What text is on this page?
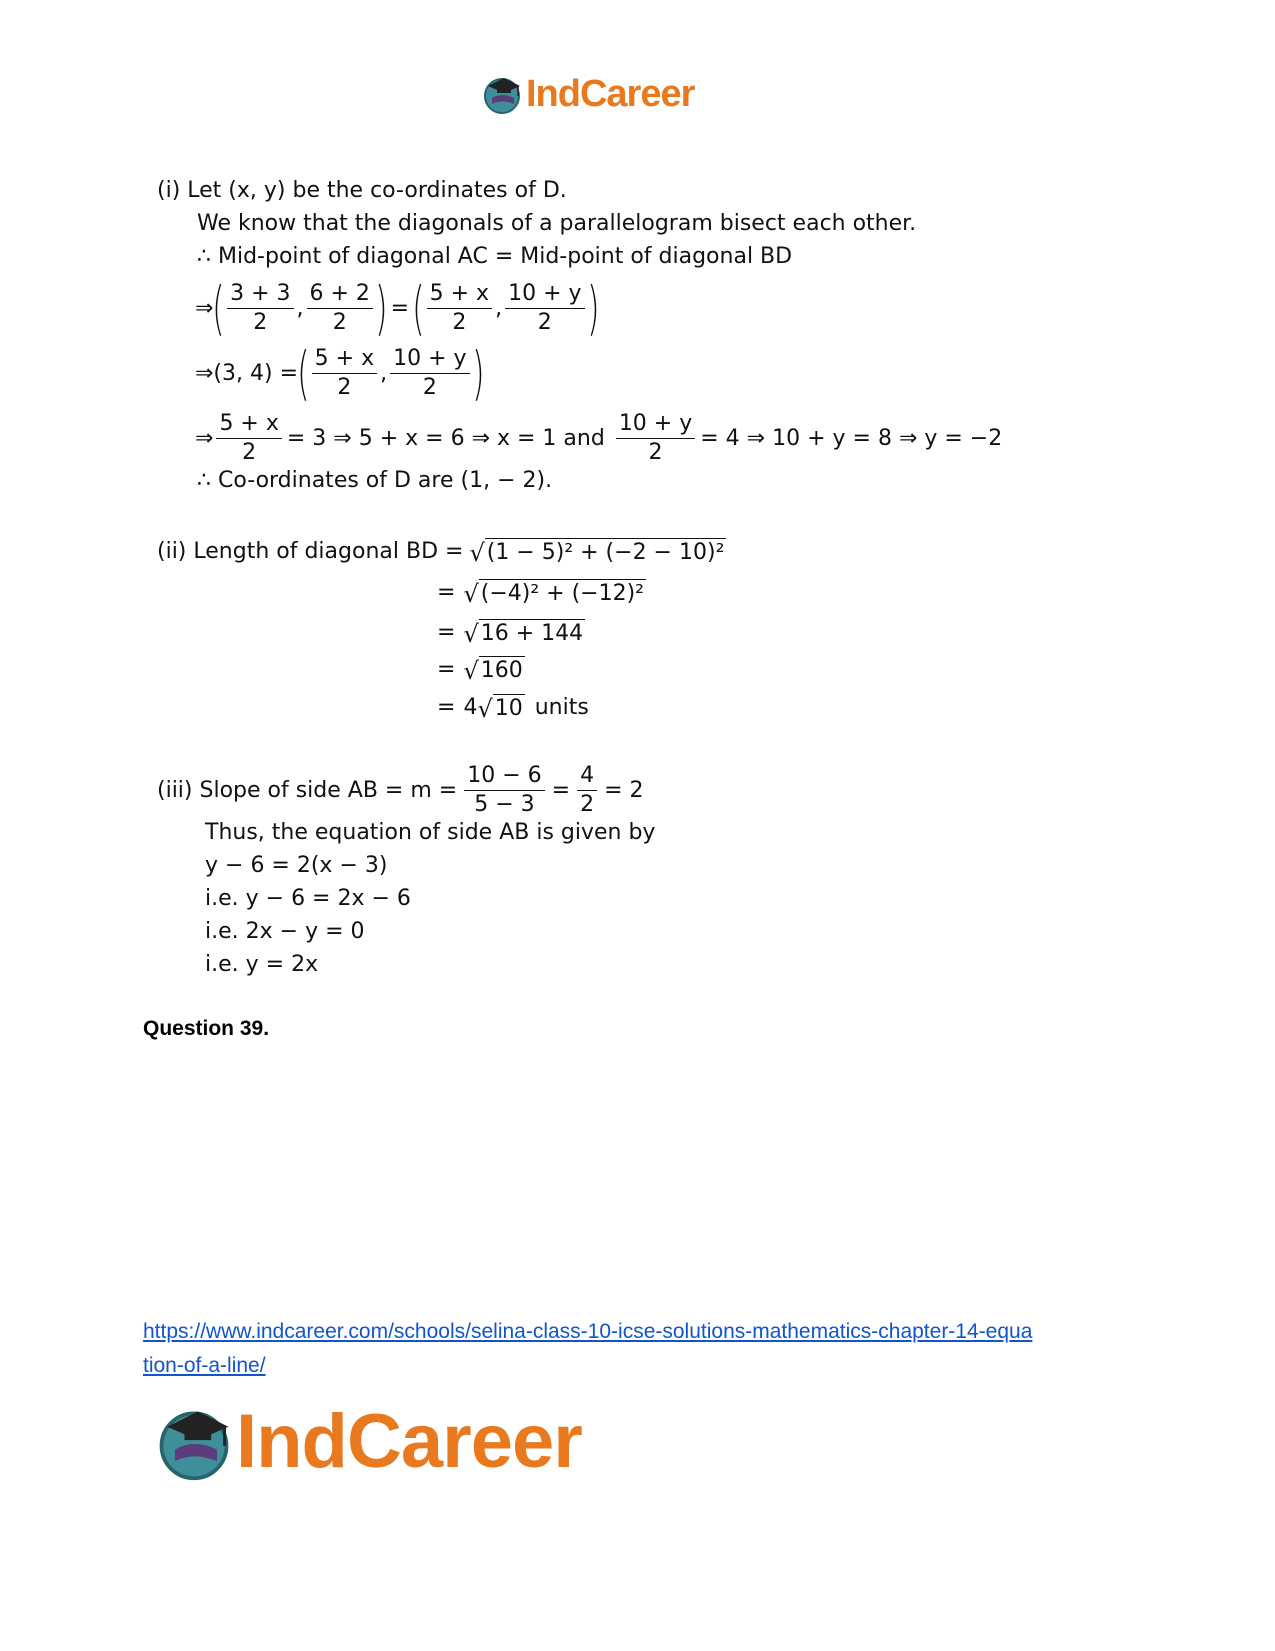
IndCareer
(i) Let (x, y) be the co-ordinates of D.
We know that the diagonals of a parallelogram bisect each other.
∴ Mid-point of diagonal AC = Mid-point of diagonal BD
⇒ ( $\frac{3 + 3}{2}$ , $\frac{6 + 2}{2}$ ) = ( $\frac{5 + x}{2}$ , $\frac{10 + y}{2}$ )
⇒(3, 4) = ( $\frac{5 + x}{2}$ , $\frac{10 + y}{2}$ )
⇒ $\frac{5 + x}{2} = 3$ ⇒ 5 + x = 6 ⇒ x = 1 and $\frac{10 + y}{2} = 4$ ⇒ 10 + y = 8 ⇒ y = −2
∴ Co-ordinates of D are (1, − 2).
(ii) Length of diagonal BD = √ (1 − 5)² + (−2 − 10)²
= √ (−4)² + (−12)²
= √ 16 + 144
= √ 160
= 4 √ 10 units
(iii) Slope of side AB = $m = \frac{10 - 6}{5 - 3} = \frac{4}{2} = 2$
Thus, the equation of side AB is given by
y − 6 = 2(x − 3)
i.e. y − 6 = 2x − 6
i.e. 2x − y = 0
i.e. y = 2x
Question 39.
https://www.indcareer.com/schools/selina-class-10-icse-solutions-mathematics-chapter-14-equa
tion-of-a-line/
IndCareer
